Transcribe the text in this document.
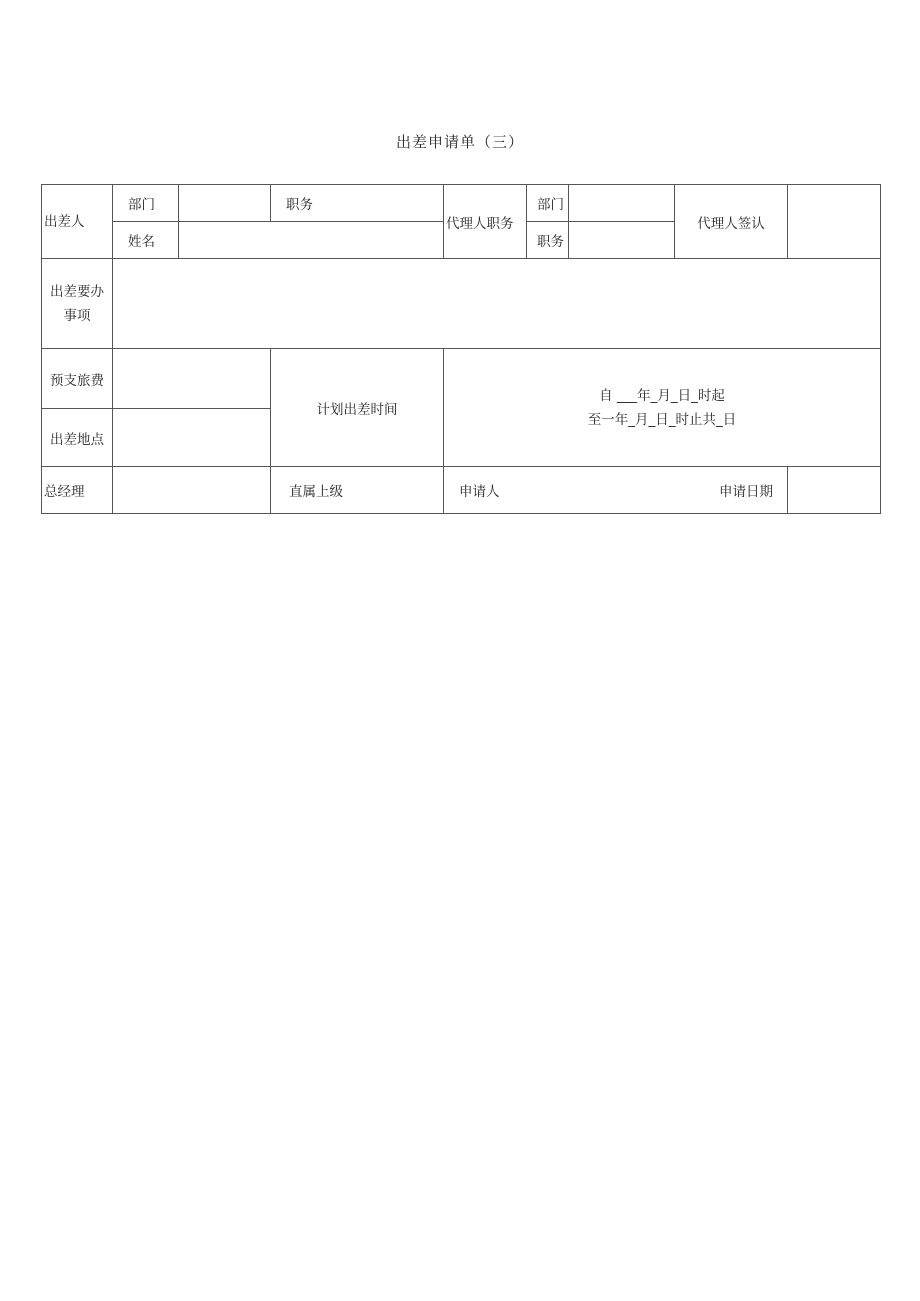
出差申请单（三）
出差人	部门		职务	代理人职务	部门		代理人签认	
	姓名				职务			

出差要办事项								

预支旅费			计划出差时间	自 ___年_月_日_时起
至一年_月_日_时止共_日				

出差地点								
总经理			直属上级	申请人 申请日期				
